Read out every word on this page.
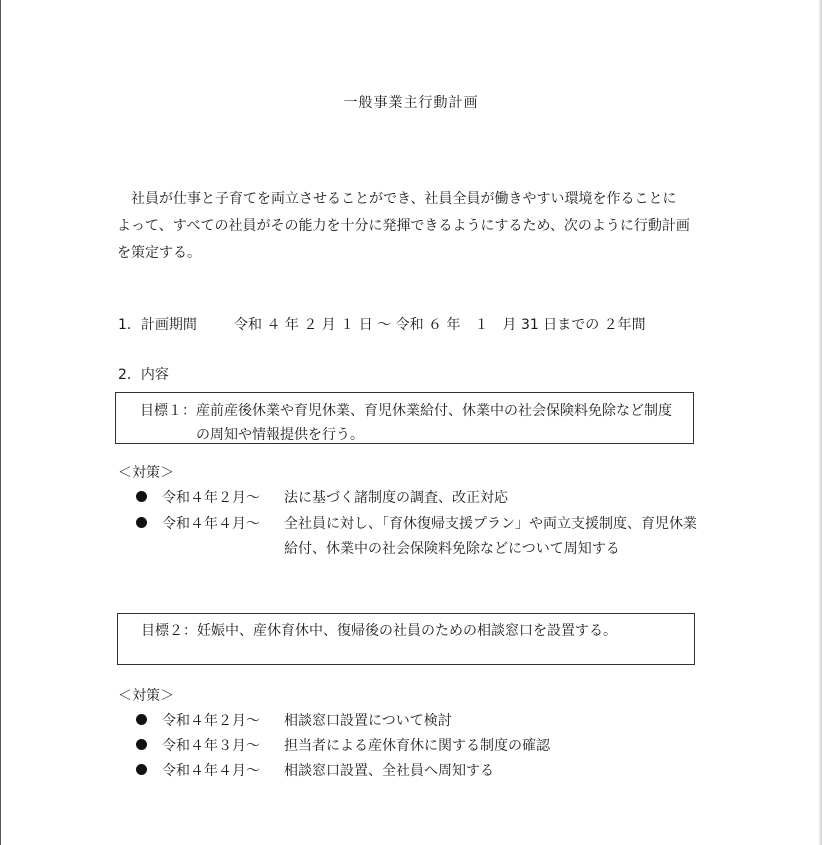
一般事業主行動計画
　社員が仕事と子育てを両立させることができ、社員全員が働きやすい環境を作ることに
よって、すべての社員がその能力を十分に発揮できるようにするため、次のように行動計画
を策定する。
1．計画期間	令和 ４ 年 ２ 月 １ 日 〜 令和 ６ 年　１　月 31 日までの ２年間
2．内容
目標１：産前産後休業や育児休業、育児休業給付、休業中の社会保険料免除など制度
の周知や情報提供を行う。
＜対策＞
令和４年２月〜 法に基づく諸制度の調査、改正対応
令和４年４月〜 全社員に対し、「育休復帰支援プラン」や両立支援制度、育児休業
給付、休業中の社会保険料免除などについて周知する
目標２：妊娠中、産休育休中、復帰後の社員のための相談窓口を設置する。
＜対策＞
令和４年２月〜 相談窓口設置について検討
令和４年３月〜 担当者による産休育休に関する制度の確認
令和４年４月〜 相談窓口設置、全社員へ周知する
